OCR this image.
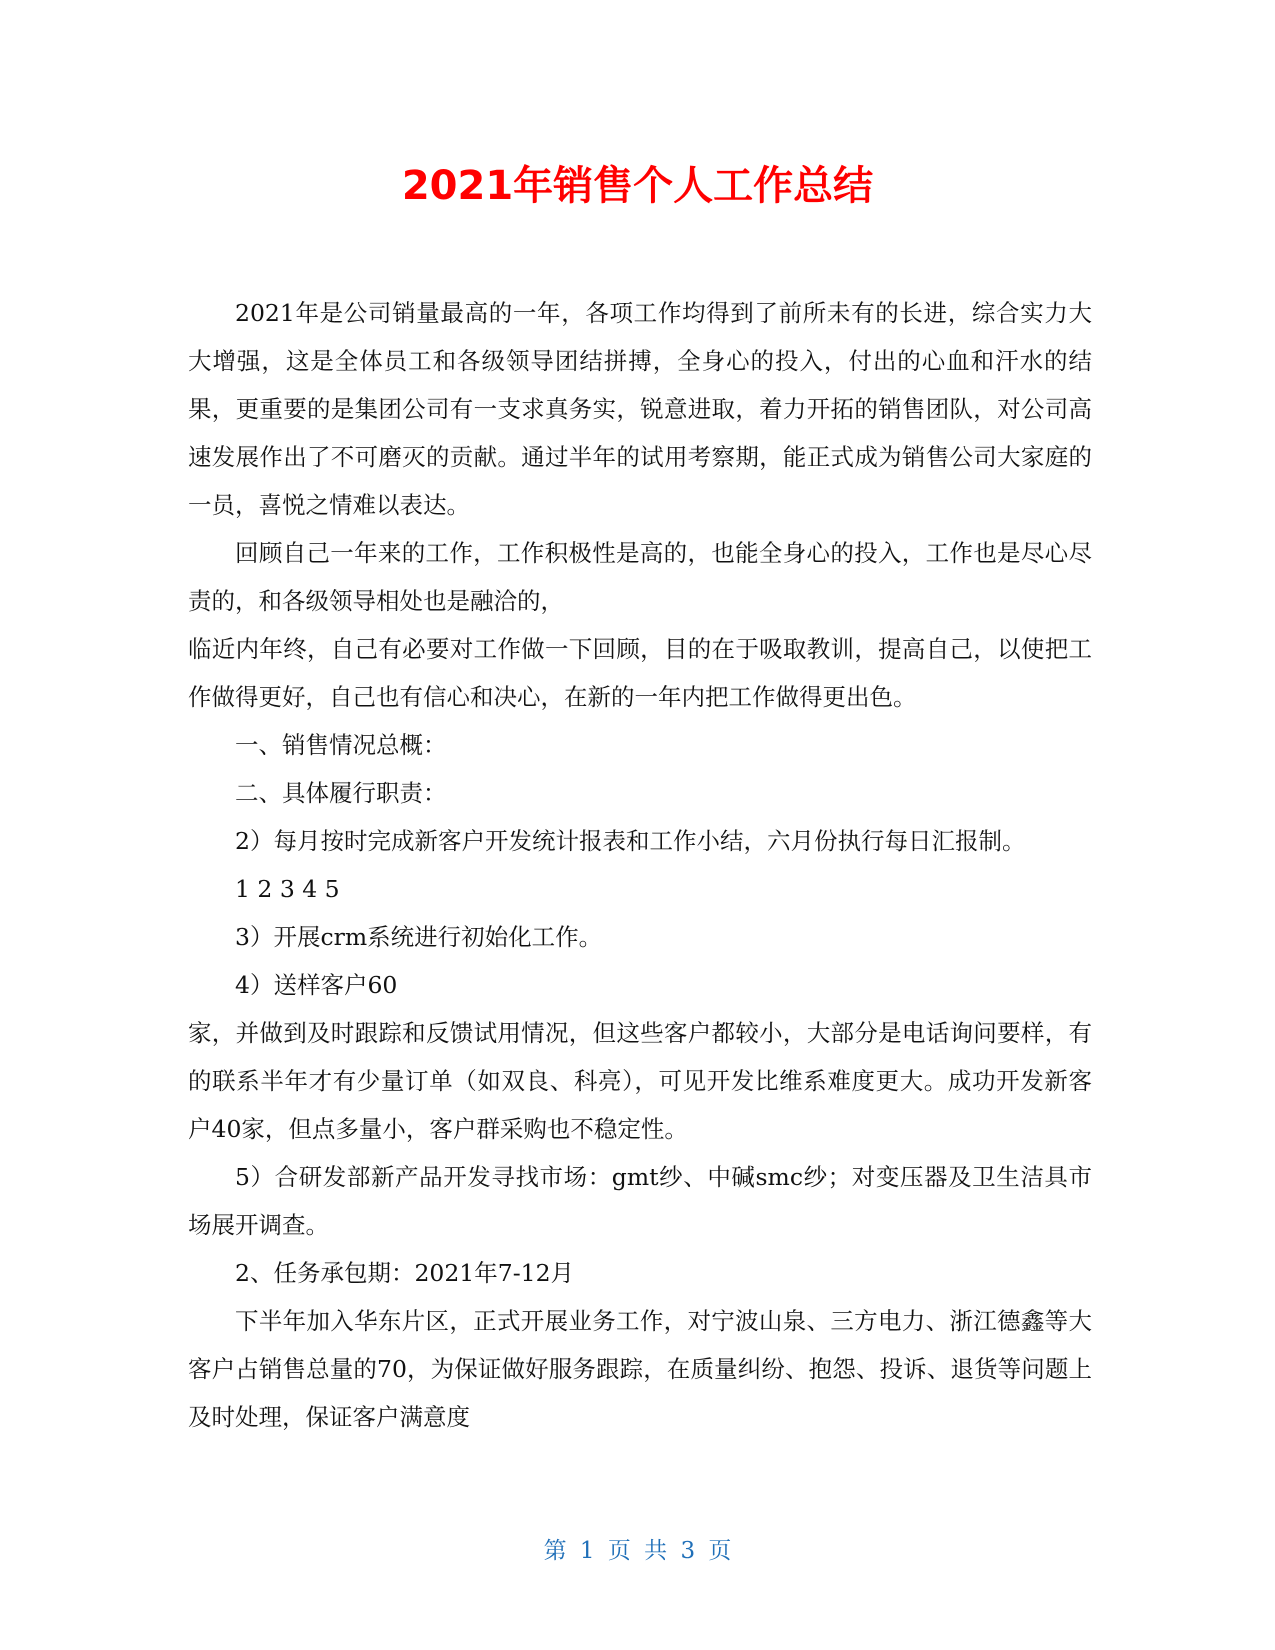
2021年销售个人工作总结

2021年是公司销量最高的一年，各项工作均得到了前所未有的长进，综合实力大大增强，这是全体员工和各级领导团结拼搏，全身心的投入，付出的心血和汗水的结果，更重要的是集团公司有一支求真务实，锐意进取，着力开拓的销售团队，对公司高速发展作出了不可磨灭的贡献。通过半年的试用考察期，能正式成为销售公司大家庭的一员，喜悦之情难以表达。

回顾自己一年来的工作，工作积极性是高的，也能全身心的投入，工作也是尽心尽责的，和各级领导相处也是融洽的，

临近内年终，自己有必要对工作做一下回顾，目的在于吸取教训，提高自己，以使把工作做得更好，自己也有信心和决心，在新的一年内把工作做得更出色。

一、销售情况总概：

二、具体履行职责：

2）每月按时完成新客户开发统计报表和工作小结，六月份执行每日汇报制。

1 2 3 4 5

3）开展crm系统进行初始化工作。

4）送样客户60

家，并做到及时跟踪和反馈试用情况，但这些客户都较小，大部分是电话询问要样，有的联系半年才有少量订单（如双良、科亮），可见开发比维系难度更大。成功开发新客户40家，但点多量小，客户群采购也不稳定性。

5）合研发部新产品开发寻找市场：gmt纱、中碱smc纱；对变压器及卫生洁具市场展开调查。

2、任务承包期：2021年7-12月

下半年加入华东片区，正式开展业务工作，对宁波山泉、三方电力、浙江德鑫等大客户占销售总量的70，为保证做好服务跟踪，在质量纠纷、抱怨、投诉、退货等问题上及时处理，保证客户满意度

第 1 页 共 3 页
